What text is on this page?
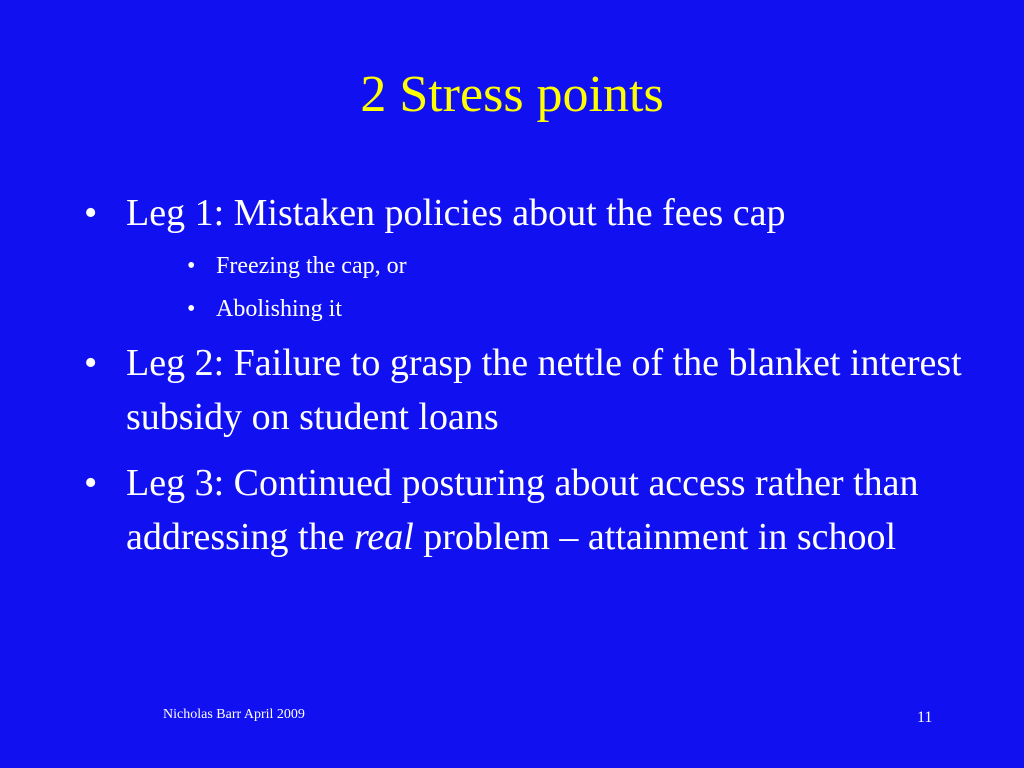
2 Stress points
• Leg 1: Mistaken policies about the fees cap
• Freezing the cap, or
• Abolishing it
• Leg 2: Failure to grasp the nettle of the blanket interest subsidy on student loans
• Leg 3: Continued posturing about access rather than addressing the real problem – attainment in school
Nicholas Barr April 2009	11
